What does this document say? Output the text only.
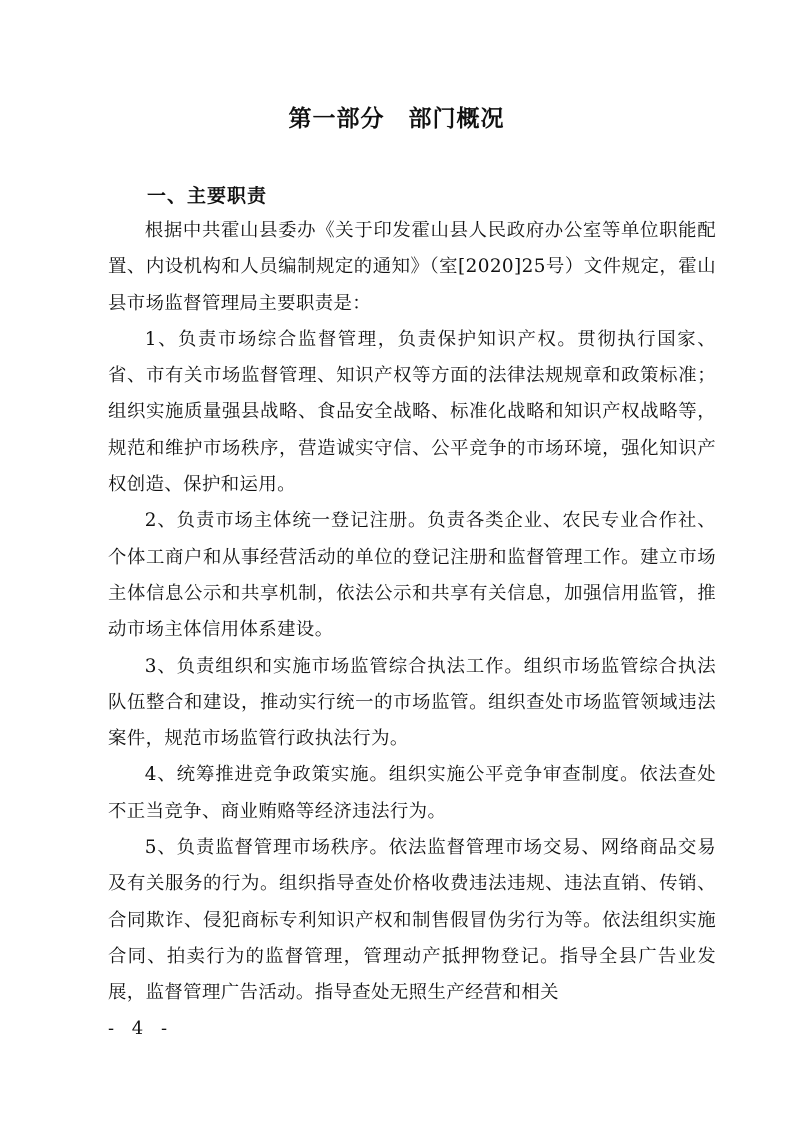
第一部分　部门概况
一、主要职责

根据中共霍山县委办《关于印发霍山县人民政府办公室等单位职能配置、内设机构和人员编制规定的通知》（室[2020]25号）文件规定，霍山县市场监督管理局主要职责是：

1、负责市场综合监督管理，负责保护知识产权。贯彻执行国家、省、市有关市场监督管理、知识产权等方面的法律法规规章和政策标准；组织实施质量强县战略、食品安全战略、标准化战略和知识产权战略等，规范和维护市场秩序，营造诚实守信、公平竞争的市场环境，强化知识产权创造、保护和运用。

2、负责市场主体统一登记注册。负责各类企业、农民专业合作社、个体工商户和从事经营活动的单位的登记注册和监督管理工作。建立市场主体信息公示和共享机制，依法公示和共享有关信息，加强信用监管，推动市场主体信用体系建设。

3、负责组织和实施市场监管综合执法工作。组织市场监管综合执法队伍整合和建设，推动实行统一的市场监管。组织查处市场监管领域违法案件，规范市场监管行政执法行为。

4、统筹推进竞争政策实施。组织实施公平竞争审查制度。依法查处不正当竞争、商业贿赂等经济违法行为。

5、负责监督管理市场秩序。依法监督管理市场交易、网络商品交易及有关服务的行为。组织指导查处价格收费违法违规、违法直销、传销、合同欺诈、侵犯商标专利知识产权和制售假冒伪劣行为等。依法组织实施合同、拍卖行为的监督管理，管理动产抵押物登记。指导全县广告业发展，监督管理广告活动。指导查处无照生产经营和相关

- 4 -
